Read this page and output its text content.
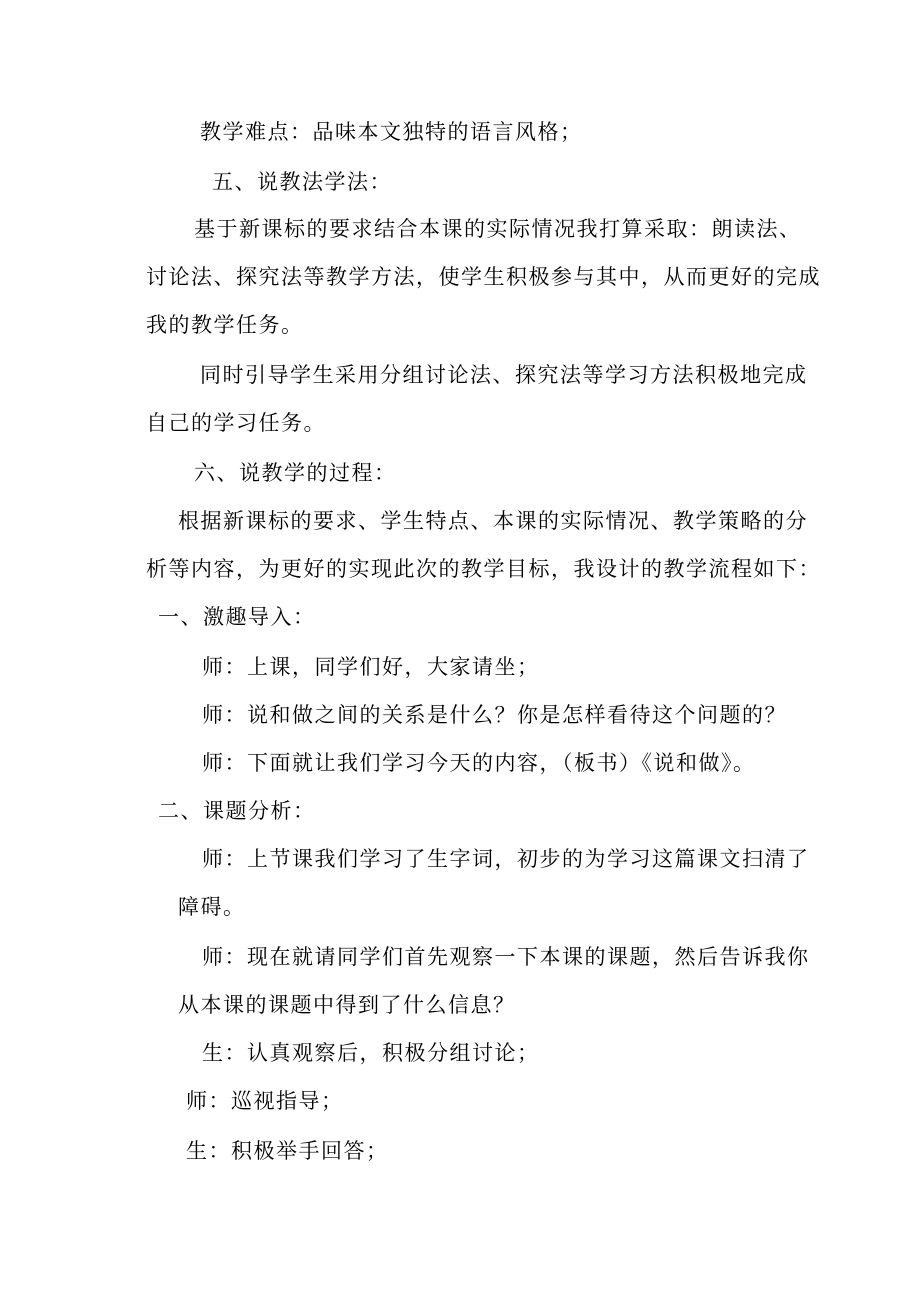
教学难点：品味本文独特的语言风格；
五、说教法学法：
基于新课标的要求结合本课的实际情况我打算采取：朗读法、
讨论法、探究法等教学方法，使学生积极参与其中，从而更好的完成
我的教学任务。
同时引导学生采用分组讨论法、探究法等学习方法积极地完成
自己的学习任务。
六、说教学的过程：
根据新课标的要求、学生特点、本课的实际情况、教学策略的分
析等内容，为更好的实现此次的教学目标，我设计的教学流程如下：
一、激趣导入：
师：上课，同学们好，大家请坐；
师：说和做之间的关系是什么？你是怎样看待这个问题的？
师：下面就让我们学习今天的内容，（板书）《说和做》。
二、课题分析：
师：上节课我们学习了生字词，初步的为学习这篇课文扫清了
障碍。
师：现在就请同学们首先观察一下本课的课题，然后告诉我你
从本课的课题中得到了什么信息？
生：认真观察后，积极分组讨论；
师：巡视指导；
生：积极举手回答；
